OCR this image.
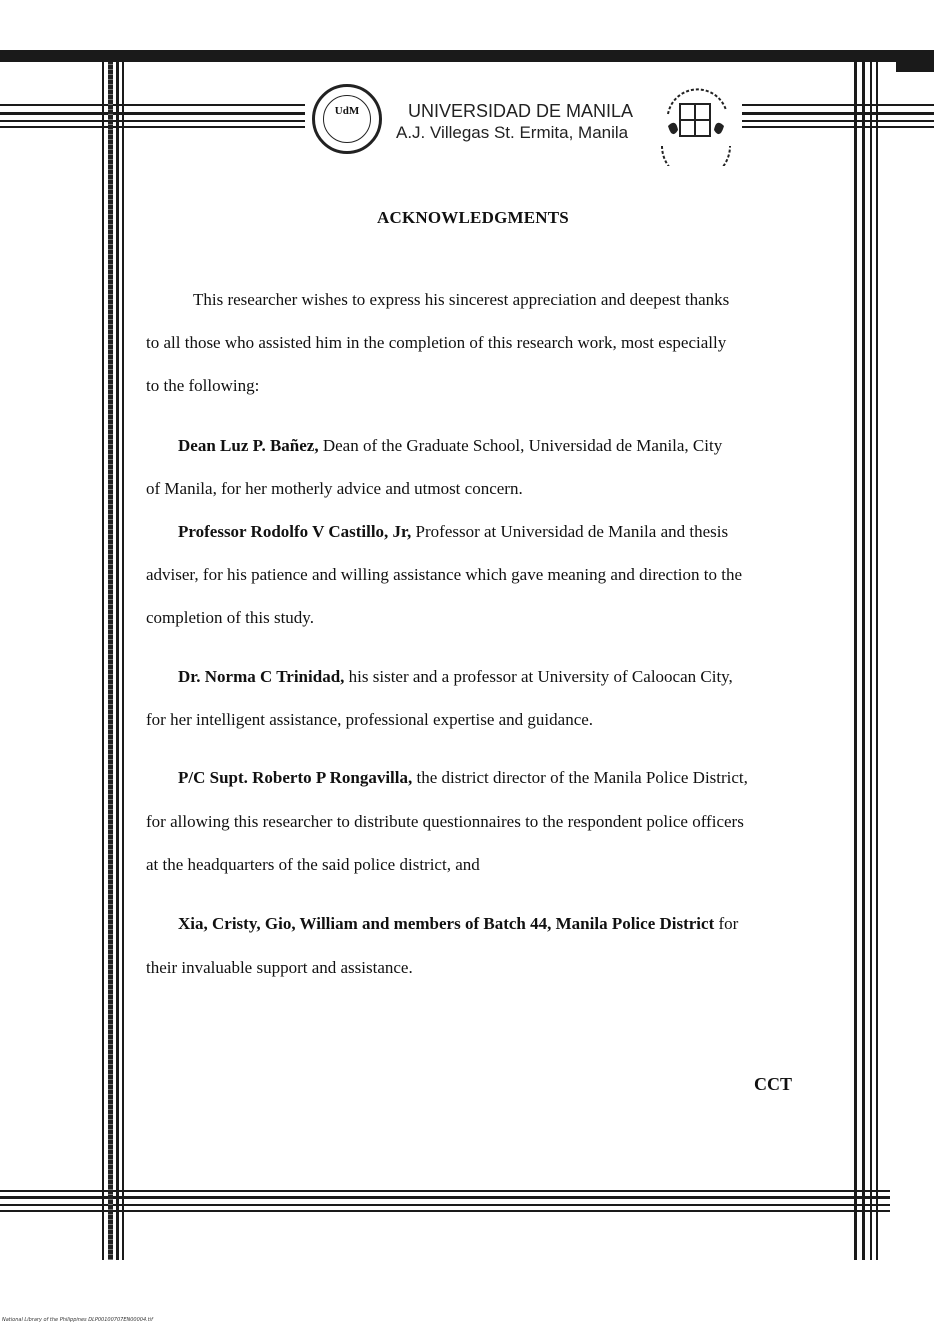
UdM	UNIVERSIDAD DE MANILA
A.J. Villegas St. Ermita, Manila
ACKNOWLEDGMENTS
This researcher wishes to express his sincerest appreciation and deepest thanks
to all those who assisted him in the completion of this research work, most especially
to the following:
Dean Luz P. Bañez, Dean of the Graduate School, Universidad de Manila, City
of Manila, for her motherly advice and utmost concern.
Professor Rodolfo V Castillo, Jr, Professor at Universidad de Manila and thesis
adviser, for his patience and willing assistance which gave meaning and direction to the
completion of this study.
Dr. Norma C Trinidad, his sister and a professor at University of Caloocan City,
for her intelligent assistance, professional expertise and guidance.
P/C Supt. Roberto P Rongavilla, the district director of the Manila Police District,
for allowing this researcher to distribute questionnaires to the respondent police officers
at the headquarters of the said police district, and
Xia, Cristy, Gio, William and members of Batch 44, Manila Police District for
their invaluable support and assistance.
CCT
National Library of the Philippines DLP00100707EN00004.tif
